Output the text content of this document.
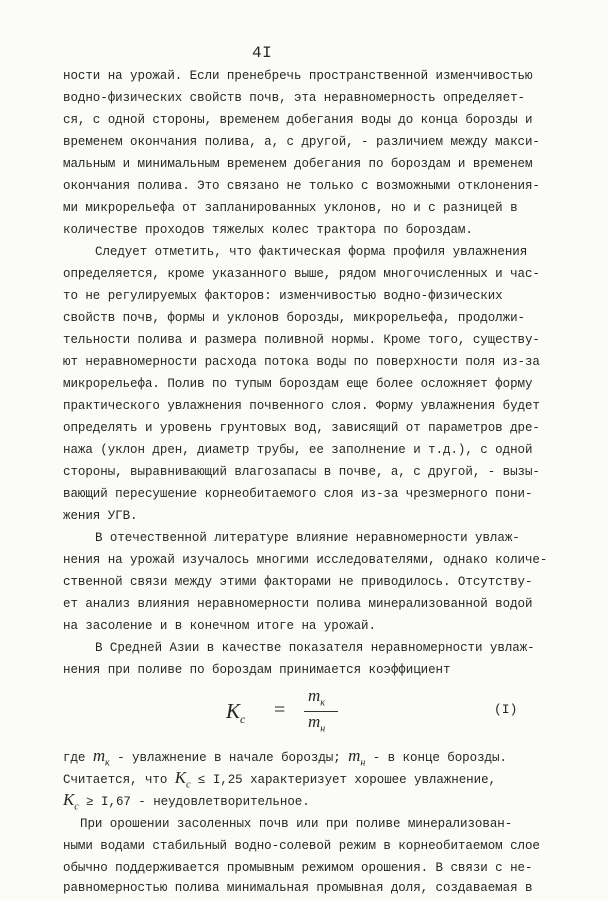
4I
ности на урожай. Если пренебречь пространственной изменчивостью
водно-физических свойств почв, эта неравномерность определяет-
ся, с одной стороны, временем добегания воды до конца борозды и
временем окончания полива, а, с другой, - различием между макси-
мальным и минимальным временем добегания по бороздам и временем
окончания полива. Это связано не только с возможными отклонения-
ми микрорельефа от запланированных уклонов, но и с разницей в
количестве проходов тяжелых колес трактора по бороздам.
Следует отметить, что фактическая форма профиля увлажнения
определяется, кроме указанного выше, рядом многочисленных и час-
то не регулируемых факторов: изменчивостью водно-физических
свойств почв, формы и уклонов борозды, микрорельефа, продолжи-
тельности полива и размера поливной нормы. Кроме того, существу-
ют неравномерности расхода потока воды по поверхности поля из-за
микрорельефа. Полив по тупым бороздам еще более осложняет форму
практического увлажнения почвенного слоя. Форму увлажнения будет
определять и уровень грунтовых вод, зависящий от параметров дре-
нажа (уклон дрен, диаметр трубы, ее заполнение и т.д.), с одной
стороны, выравнивающий влагозапасы в почве, а, с другой, - вызы-
вающий пересушение корнеобитаемого слоя из-за чрезмерного пони-
жения УГВ.
В отечественной литературе влияние неравномерности увлаж-
нения на урожай изучалось многими исследователями, однако количе-
ственной связи между этими факторами не приводилось. Отсутству-
ет анализ влияния неравномерности полива минерализованной водой
на засоление и в конечном итоге на урожай.
В Средней Азии в качестве показателя неравномерности увлаж-
нения при поливе по бороздам принимается коэффициент
$K_c$ =
$m_к$
$m_н$
(I)
где $m_к$ - увлажнение в начале борозды; $m_н$ - в конце борозды.
Считается, что $K_c \le I,25$ характеризует хорошее увлажнение,
$K_c \ge I,67$ - неудовлетворительное.
При орошении засоленных почв или при поливе минерализован-
ными водами стабильный водно-солевой режим в корнеобитаемом слое
обычно поддерживается промывным режимом орошения. В связи с не-
равномерностью полива минимальная промывная доля, создаваемая в
